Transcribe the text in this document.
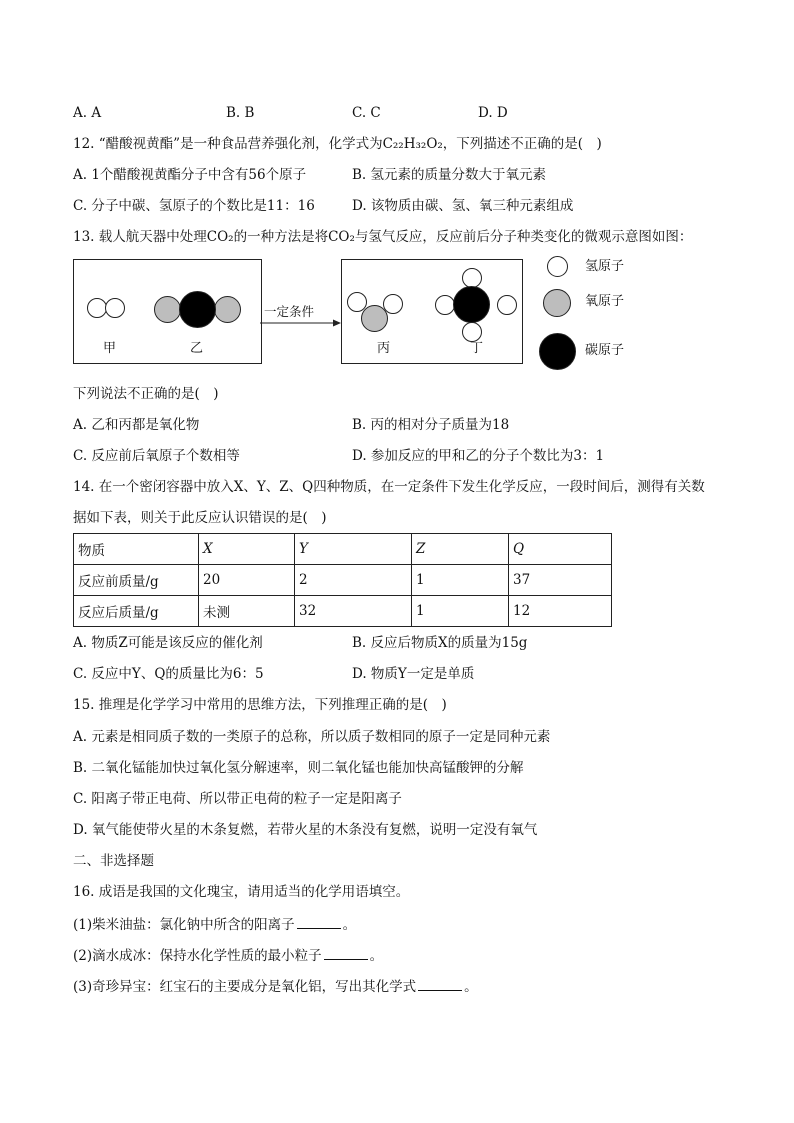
A. A	B. B	C. C	D. D
12. “醋酸视黄酯”是一种食品营养强化剂，化学式为C₂₂H₃₂O₂，下列描述不正确的是(　)
A. 1个醋酸视黄酯分子中含有56个原子	B. 氢元素的质量分数大于氧元素
C. 分子中碳、氢原子的个数比是11：16	D. 该物质由碳、氢、氧三种元素组成
13. 载人航天器中处理CO₂的一种方法是将CO₂与氢气反应，反应前后分子种类变化的微观示意图如图：
甲	乙
一定条件
丙	丁
氢原子
氧原子
碳原子
下列说法不正确的是(　)
A. 乙和丙都是氧化物	B. 丙的相对分子质量为18
C. 反应前后氧原子个数相等	D. 参加反应的甲和乙的分子个数比为3：1
14. 在一个密闭容器中放入X、Y、Z、Q四种物质，在一定条件下发生化学反应，一段时间后，测得有关数
据如下表，则关于此反应认识错误的是(　)
物质	X	Y	Z	Q
反应前质量/g	20	2	1	37
反应后质量/g	未测	32	1	12
A. 物质Z可能是该反应的催化剂	B. 反应后物质X的质量为15g
C. 反应中Y、Q的质量比为6：5	D. 物质Y一定是单质
15. 推理是化学学习中常用的思维方法，下列推理正确的是(　)
A. 元素是相同质子数的一类原子的总称，所以质子数相同的原子一定是同种元素
B. 二氧化锰能加快过氧化氢分解速率，则二氧化锰也能加快高锰酸钾的分解
C. 阳离子带正电荷、所以带正电荷的粒子一定是阳离子
D. 氧气能使带火星的木条复燃，若带火星的木条没有复燃，说明一定没有氧气
二、非选择题
16. 成语是我国的文化瑰宝，请用适当的化学用语填空。
(1)柴米油盐：氯化钠中所含的阳离子	。
(2)滴水成冰：保持水化学性质的最小粒子	。
(3)奇珍异宝：红宝石的主要成分是氧化铝，写出其化学式	。
